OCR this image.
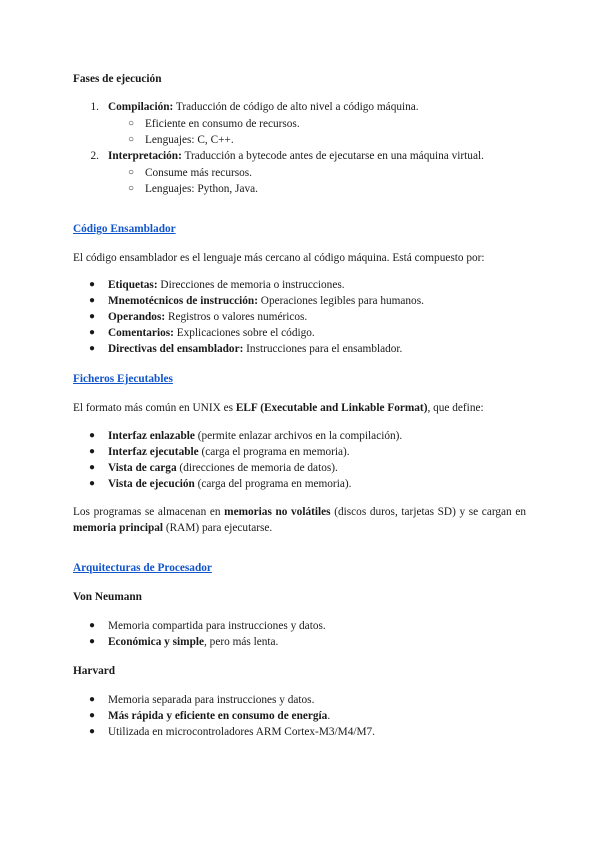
Fases de ejecución
1. Compilación: Traducción de código de alto nivel a código máquina.
○ Eficiente en consumo de recursos.
○ Lenguajes: C, C++.
2. Interpretación: Traducción a bytecode antes de ejecutarse en una máquina virtual.
○ Consume más recursos.
○ Lenguajes: Python, Java.
Código Ensamblador
El código ensamblador es el lenguaje más cercano al código máquina. Está compuesto por:
● Etiquetas: Direcciones de memoria o instrucciones.
● Mnemotécnicos de instrucción: Operaciones legibles para humanos.
● Operandos: Registros o valores numéricos.
● Comentarios: Explicaciones sobre el código.
● Directivas del ensamblador: Instrucciones para el ensamblador.
Ficheros Ejecutables
El formato más común en UNIX es ELF (Executable and Linkable Format), que define:
● Interfaz enlazable (permite enlazar archivos en la compilación).
● Interfaz ejecutable (carga el programa en memoria).
● Vista de carga (direcciones de memoria de datos).
● Vista de ejecución (carga del programa en memoria).
Los programas se almacenan en memorias no volátiles (discos duros, tarjetas SD) y se cargan en memoria principal (RAM) para ejecutarse.
Arquitecturas de Procesador
Von Neumann
● Memoria compartida para instrucciones y datos.
● Económica y simple, pero más lenta.
Harvard
● Memoria separada para instrucciones y datos.
● Más rápida y eficiente en consumo de energía.
● Utilizada en microcontroladores ARM Cortex-M3/M4/M7.
